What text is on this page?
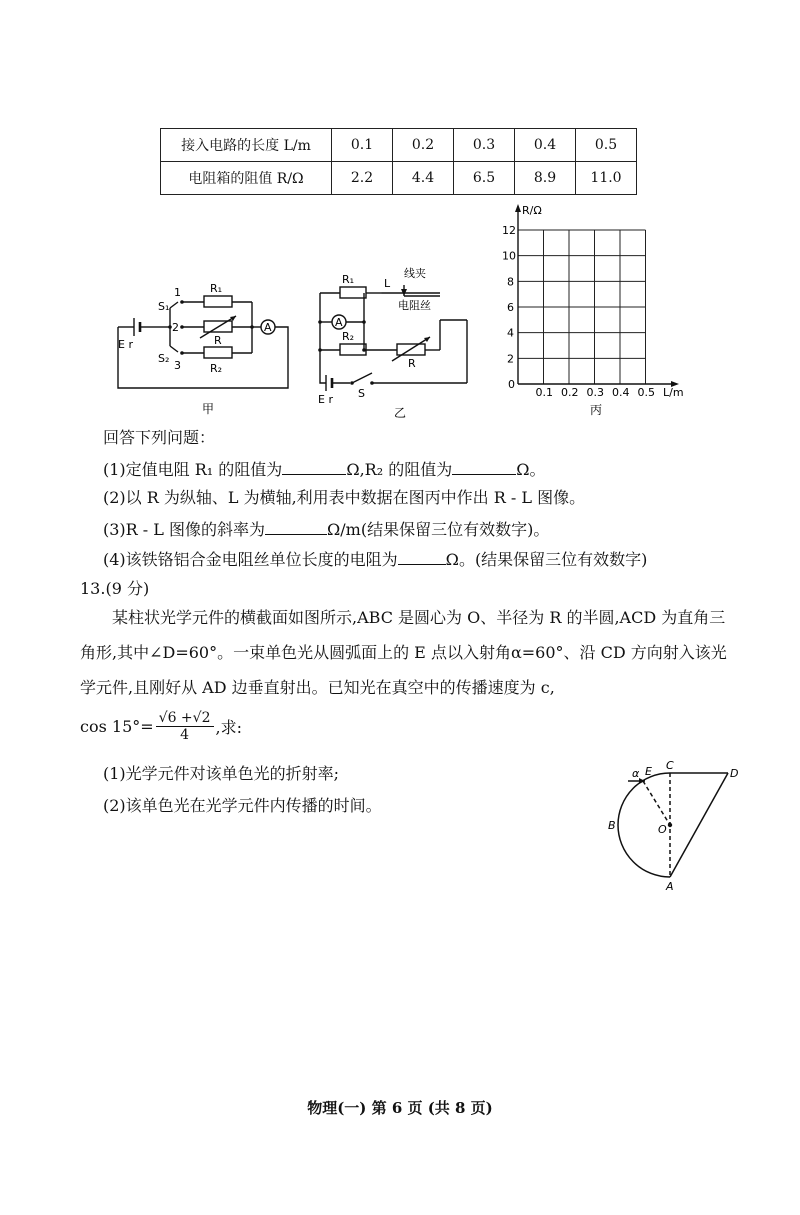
接入电路的长度 L/m	0.1	0.2	0.3	0.4	0.5
电阻箱的阻值 R/Ω	2.2	4.4	6.5	8.9	11.0
A
S₁
S₂
1
2
3
R₁
R
R₂
E r
甲
A
R₁
R₂
L
线夹
电阻丝
R
E r S
乙
R/Ω
L/m
0
2
4
6
8
10
12
0.1 0.2 0.3 0.4 0.5
丙
回答下列问题：
(1)定值电阻 R₁ 的阻值为	Ω,R₂ 的阻值为	Ω。
(2)以 R 为纵轴、L 为横轴,利用表中数据在图丙中作出 R - L 图像。
(3)R - L 图像的斜率为	Ω/m(结果保留三位有效数字)。
(4)该铁铬铝合金电阻丝单位长度的电阻为	Ω。(结果保留三位有效数字)
13.(9 分)
某柱状光学元件的横截面如图所示,ABC 是圆心为 O、半径为 R 的半圆,ACD 为直角三角形,其中∠D=60°。一束单色光从圆弧面上的 E 点以入射角α=60°、沿 CD 方向射入该光学元件,且刚好从 AD 边垂直射出。已知光在真空中的传播速度为 c,
$\cos 15^\circ= \frac{√6 +√2}{4}$ ,求:
(1)光学元件对该单色光的折射率;
(2)该单色光在光学元件内传播的时间。
α E C
D
B	O
A
物理(一) 第 6 页 (共 8 页)
